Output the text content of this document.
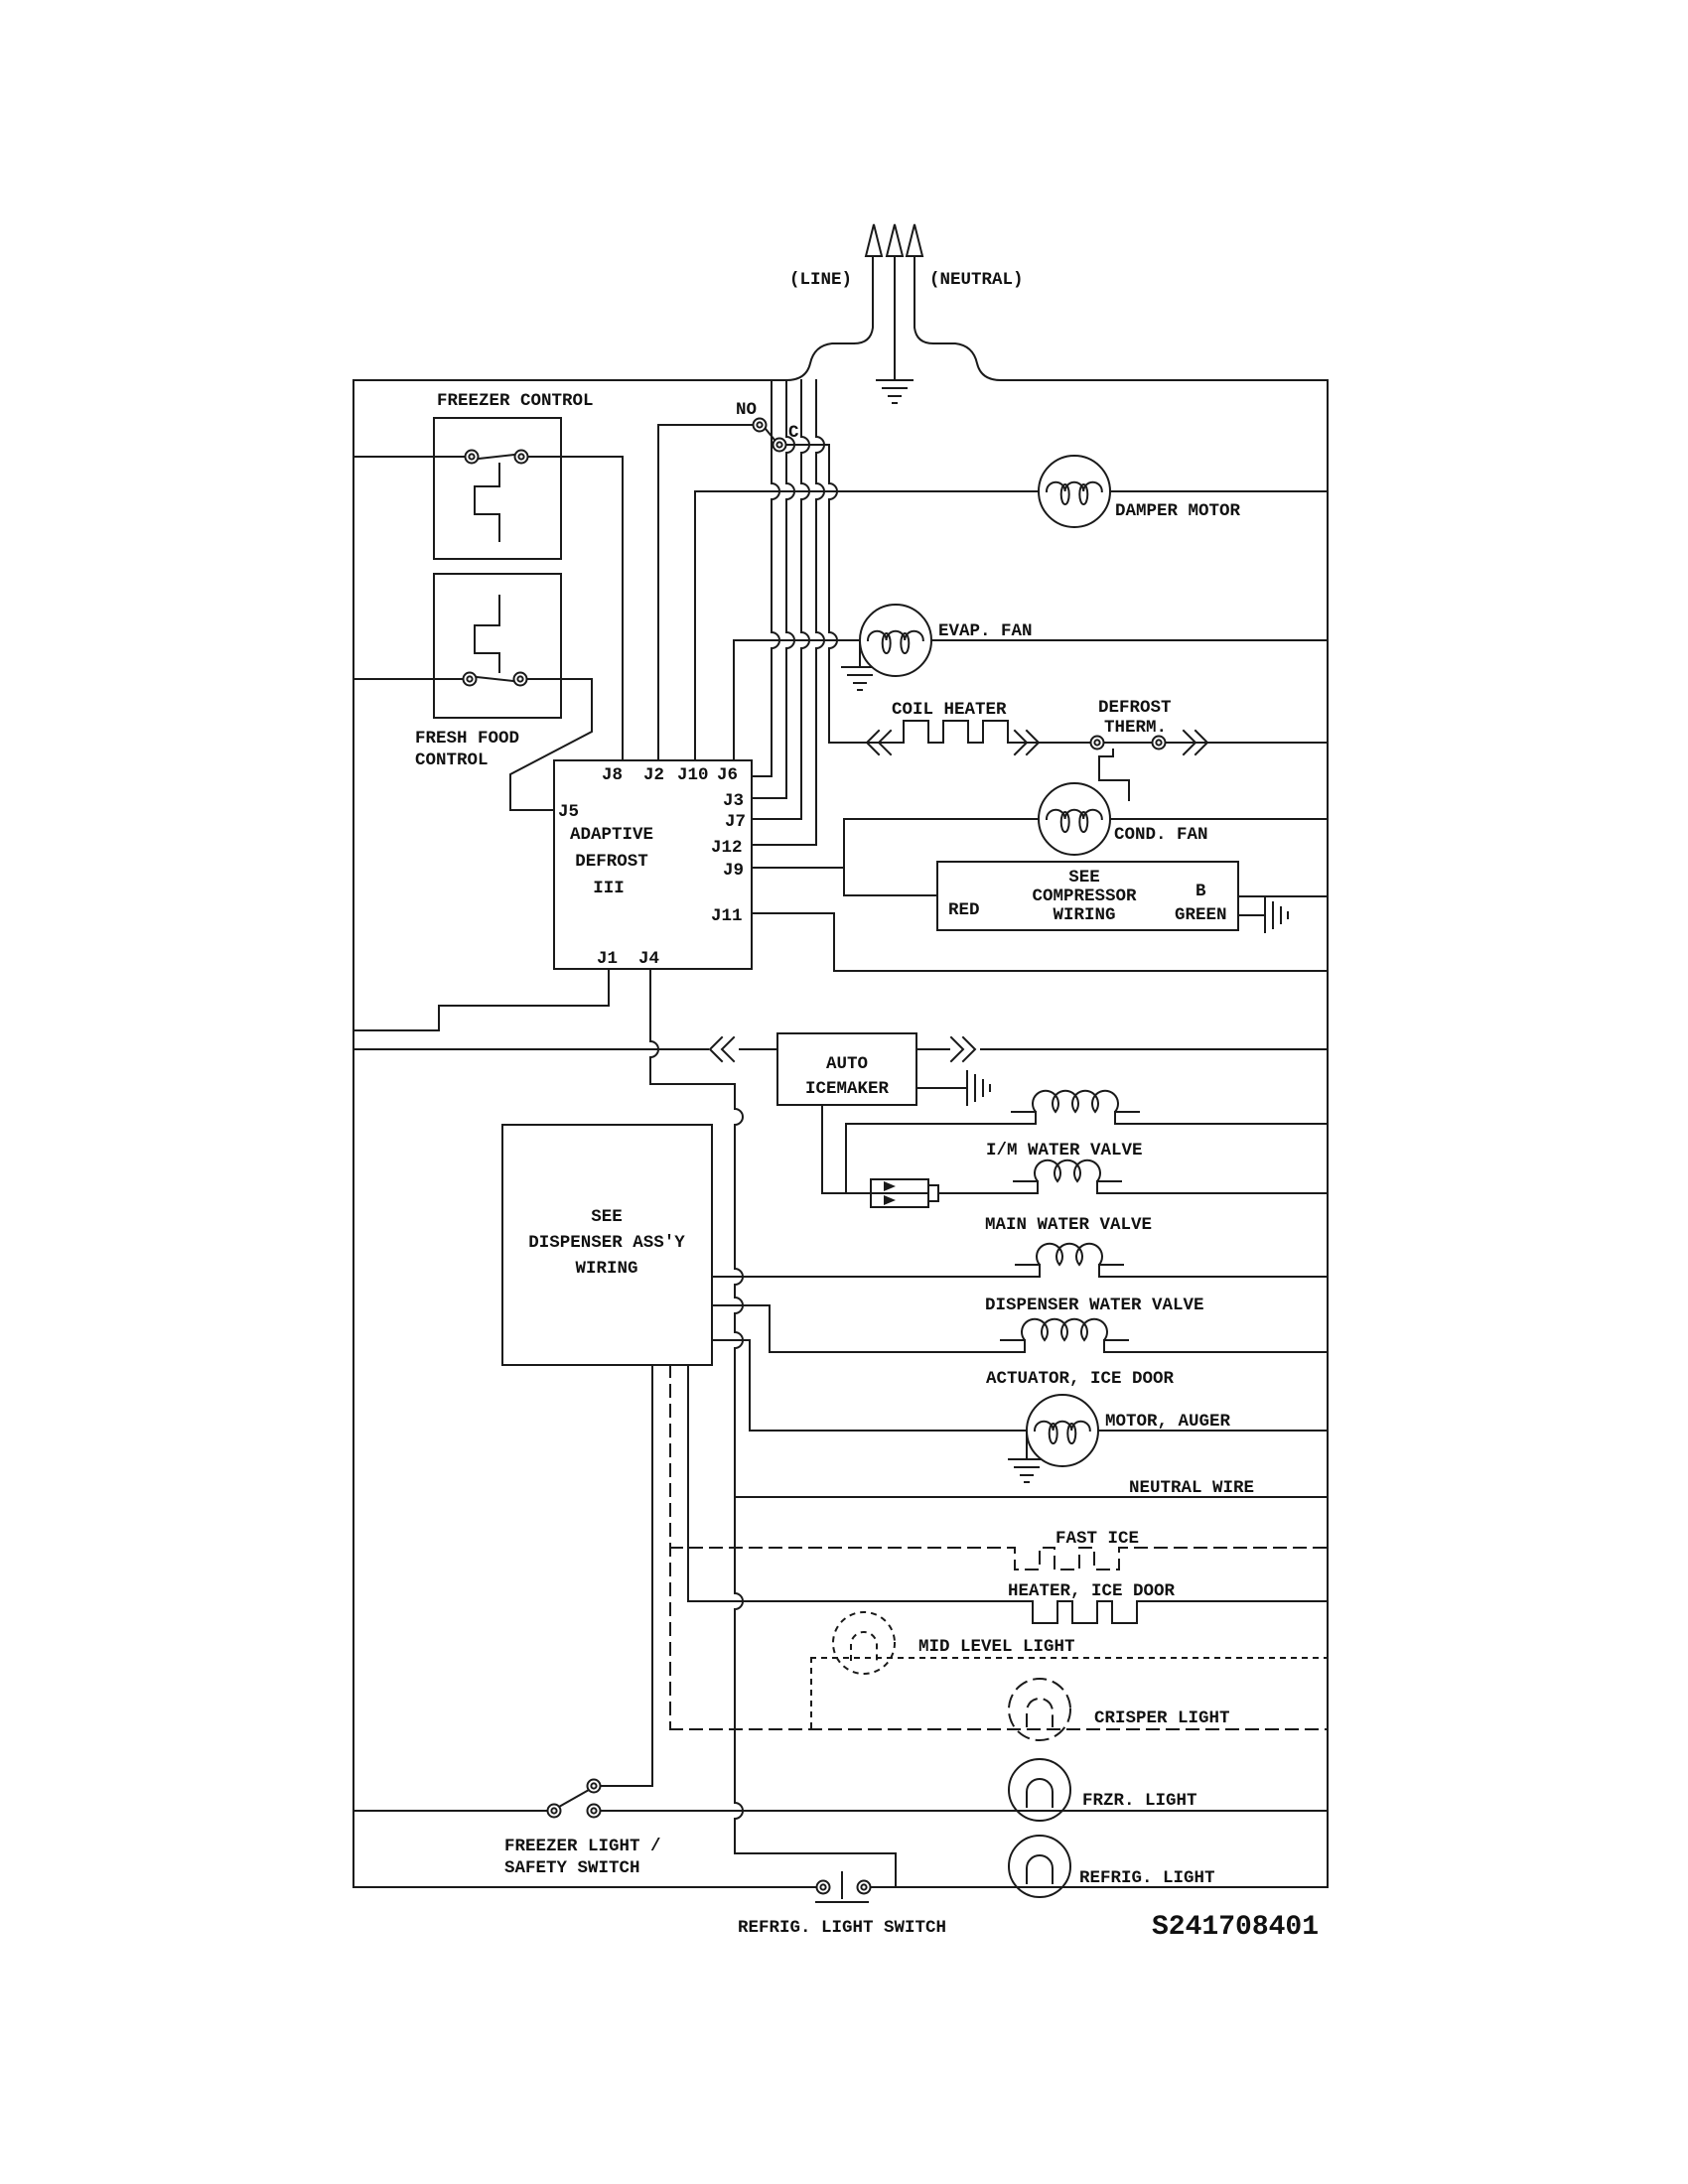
(LINE)	(NEUTRAL)
FREEZER CONTROL
FRESH FOOD
CONTROL
NO
C
ADAPTIVE
DEFROST
III
J8 J2 J10 J6
J5
J3
J7
J12
J9
J11
J1 J4
DAMPER MOTOR
EVAP. FAN
COIL HEATER	DEFROST
THERM.
COND. FAN
SEE
COMPRESSOR
WIRING
RED
B
GREEN
AUTO
ICEMAKER
I/M WATER VALVE
MAIN WATER VALVE
DISPENSER WATER VALVE
ACTUATOR, ICE DOOR
SEE
DISPENSER ASS'Y
WIRING
MOTOR, AUGER
NEUTRAL WIRE
FAST ICE
HEATER, ICE DOOR
MID LEVEL LIGHT
CRISPER LIGHT
FREEZER LIGHT /
SAFETY SWITCH
FRZR. LIGHT
REFRIG. LIGHT
REFRIG. LIGHT SWITCH	S241708401
